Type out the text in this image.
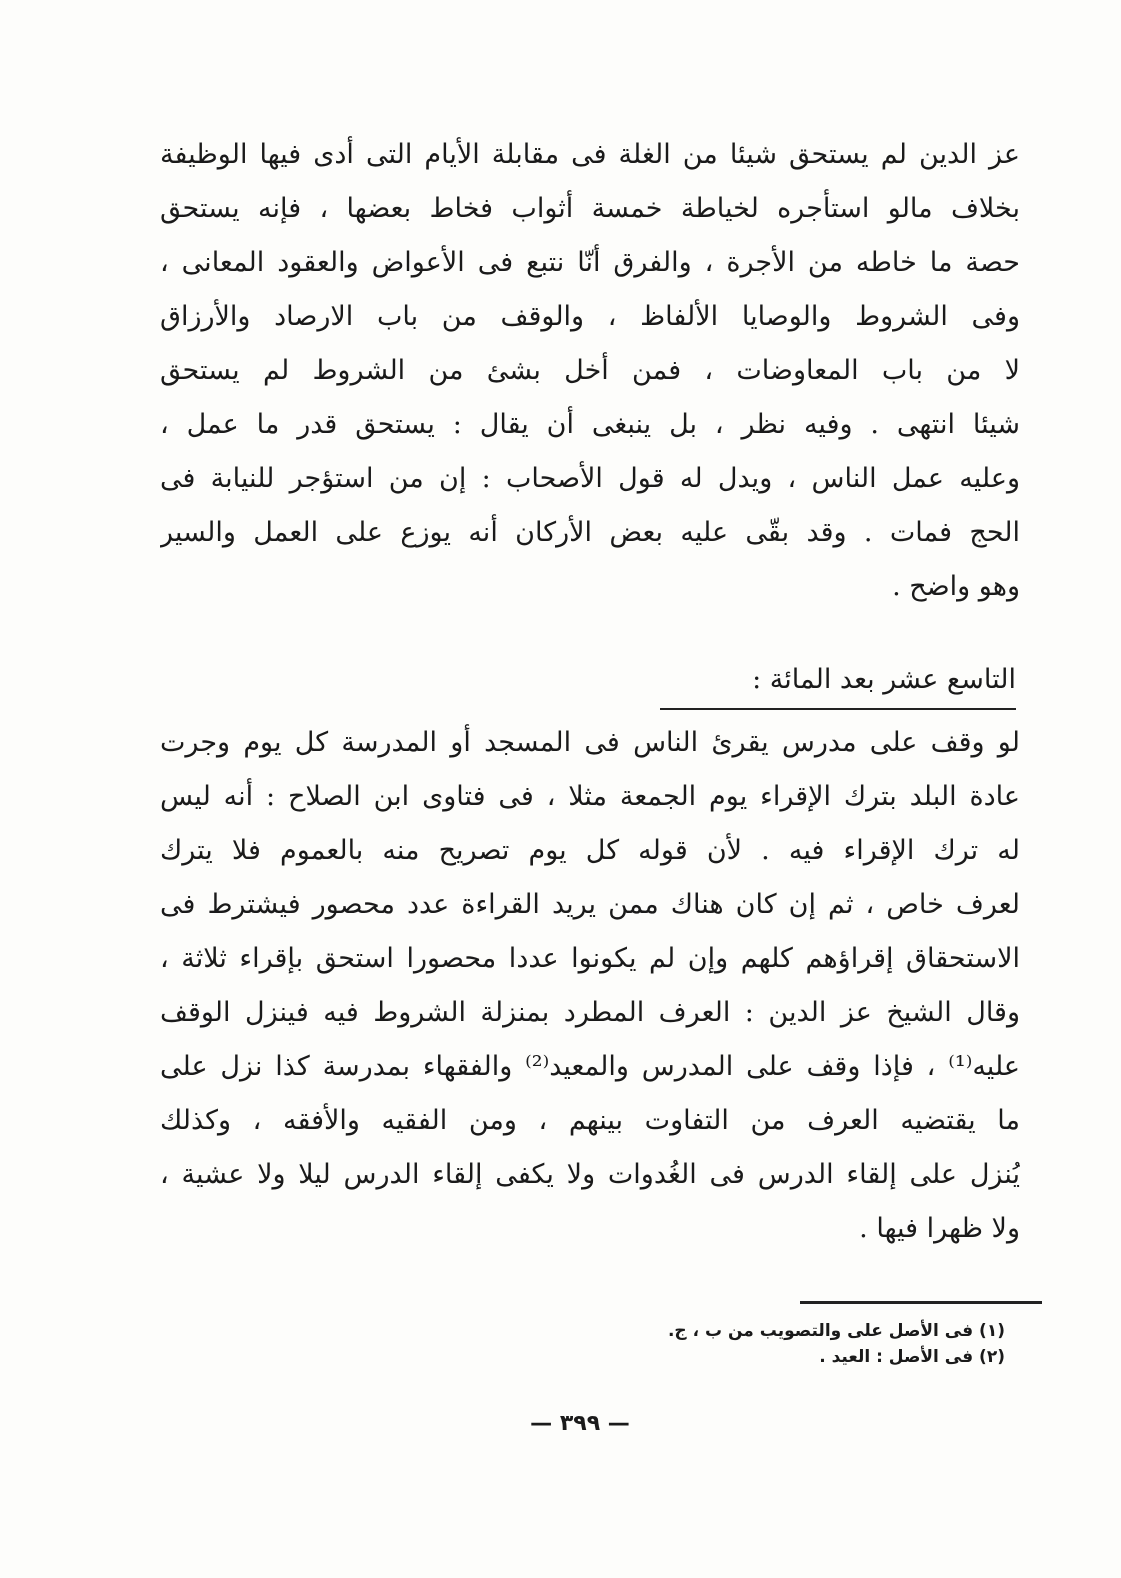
عز الدين لم يستحق شيئا من الغلة فى مقابلة الأيام التى أدى فيها الوظيفة
بخلاف مالو استأجره لخياطة خمسة أثواب فخاط بعضها ، فإنه يستحق
حصة ما خاطه من الأجرة ، والفرق أنّا نتبع فى الأعواض والعقود المعانى ،
وفى الشروط والوصايا الألفاظ ، والوقف من باب الارصاد والأرزاق
لا من باب المعاوضات ، فمن أخل بشئ من الشروط لم يستحق
شيئا انتهى . وفيه نظر ، بل ينبغى أن يقال : يستحق قدر ما عمل ،
وعليه عمل الناس ، ويدل له قول الأصحاب : إن من استؤجر للنيابة فى
الحج فمات . وقد بقّى عليه بعض الأركان أنه يوزع على العمل والسير
وهو واضح .
التاسع عشر بعد المائة :
لو وقف على مدرس يقرئ الناس فى المسجد أو المدرسة كل يوم وجرت
عادة البلد بترك الإقراء يوم الجمعة مثلا ، فى فتاوى ابن الصلاح : أنه ليس
له ترك الإقراء فيه . لأن قوله كل يوم تصريح منه بالعموم فلا يترك
لعرف خاص ، ثم إن كان هناك ممن يريد القراءة عدد محصور فيشترط فى
الاستحقاق إقراؤهم كلهم وإن لم يكونوا عددا محصورا استحق بإقراء ثلاثة ،
وقال الشيخ عز الدين : العرف المطرد بمنزلة الشروط فيه فينزل الوقف
عليه⁽¹⁾ ، فإذا وقف على المدرس والمعيد⁽²⁾ والفقهاء بمدرسة كذا نزل على
ما يقتضيه العرف من التفاوت بينهم ، ومن الفقيه والأفقه ، وكذلك
يُنزل على إلقاء الدرس فى الغُدوات ولا يكفى إلقاء الدرس ليلا ولا عشية ،
ولا ظهرا فيها .
(١) فى الأصل على والتصويب من ب ، ج.
(٢) فى الأصل : العيد .
— ٣٩٩ —
